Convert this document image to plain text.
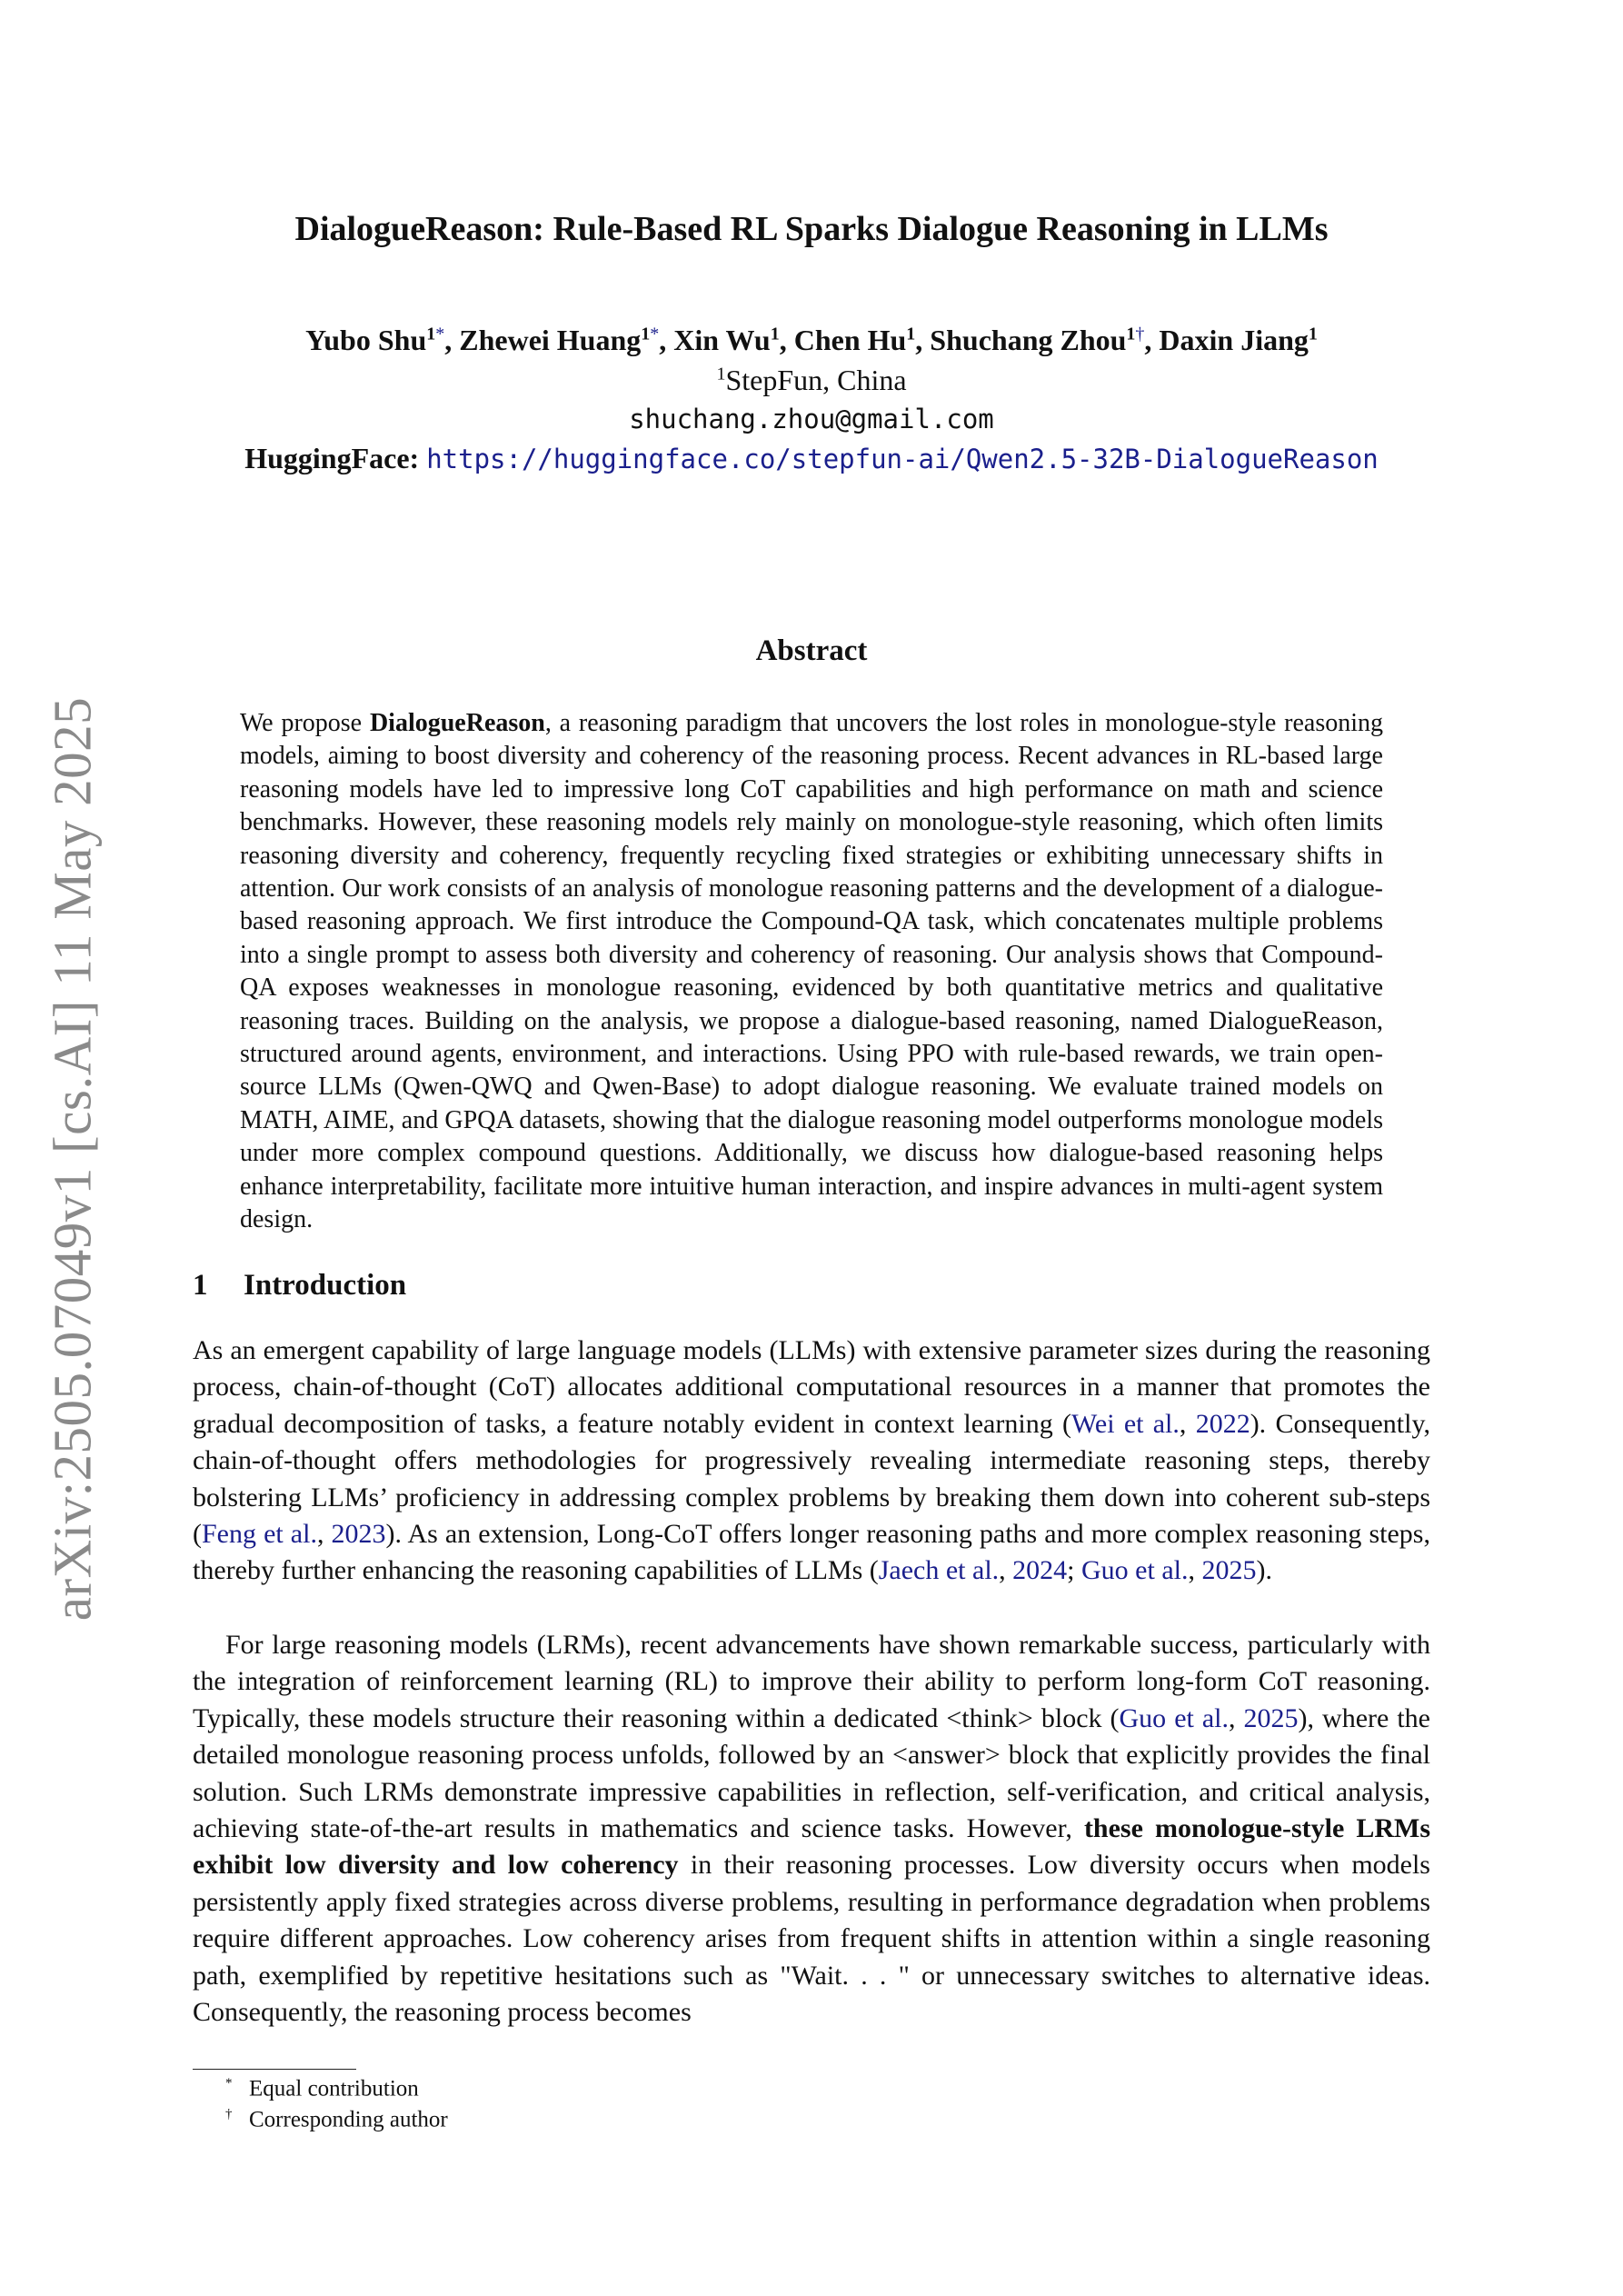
arXiv:2505.07049v1 [cs.AI] 11 May 2025
DialogueReason: Rule-Based RL Sparks Dialogue Reasoning in LLMs
Yubo Shu$^{1*}$, Zhewei Huang$^{1*}$, Xin Wu$^1$, Chen Hu$^1$, Shuchang Zhou$^{1\dagger}$, Daxin Jiang$^1$
$^1$StepFun, China
shuchang.zhou@gmail.com
HuggingFace: https://huggingface.co/stepfun-ai/Qwen2.5-32B-DialogueReason
Abstract
We propose DialogueReason, a reasoning paradigm that uncovers the lost roles in monologue-style reasoning models, aiming to boost diversity and coherency of the reasoning process. Recent advances in RL-based large reasoning models have led to impressive long CoT capabilities and high performance on math and science benchmarks. However, these reasoning models rely mainly on monologue-style reasoning, which often limits reasoning diversity and coherency, frequently recycling fixed strategies or exhibiting unnecessary shifts in attention. Our work consists of an analysis of monologue reasoning patterns and the development of a dialogue-based reasoning approach. We first introduce the Compound-QA task, which concatenates multiple problems into a single prompt to assess both diversity and coherency of reasoning. Our analysis shows that Compound-QA exposes weaknesses in monologue reasoning, evidenced by both quantitative metrics and qualitative reasoning traces. Building on the analysis, we propose a dialogue-based reasoning, named DialogueReason, structured around agents, environment, and interactions. Using PPO with rule-based rewards, we train open-source LLMs (Qwen-QWQ and Qwen-Base) to adopt dialogue reasoning. We evaluate trained models on MATH, AIME, and GPQA datasets, showing that the dialogue reasoning model outperforms monologue models under more complex compound questions. Additionally, we discuss how dialogue-based reasoning helps enhance interpretability, facilitate more intuitive human interaction, and inspire advances in multi-agent system design.
1 Introduction
As an emergent capability of large language models (LLMs) with extensive parameter sizes during the reasoning process, chain-of-thought (CoT) allocates additional computational resources in a manner that promotes the gradual decomposition of tasks, a feature notably evident in context learning (Wei et al., 2022). Consequently, chain-of-thought offers methodologies for progressively revealing intermediate reasoning steps, thereby bolstering LLMs’ proficiency in addressing complex problems by breaking them down into coherent sub-steps (Feng et al., 2023). As an extension, Long-CoT offers longer reasoning paths and more complex reasoning steps, thereby further enhancing the reasoning capabilities of LLMs (Jaech et al., 2024; Guo et al., 2025).
For large reasoning models (LRMs), recent advancements have shown remarkable success, particularly with the integration of reinforcement learning (RL) to improve their ability to perform long-form CoT reasoning. Typically, these models structure their reasoning within a dedicated <think> block (Guo et al., 2025), where the detailed monologue reasoning process unfolds, followed by an <answer> block that explicitly provides the final solution. Such LRMs demonstrate impressive capabilities in reflection, self-verification, and critical analysis, achieving state-of-the-art results in mathematics and science tasks. However, these monologue-style LRMs exhibit low diversity and low coherency in their reasoning processes. Low diversity occurs when models persistently apply fixed strategies across diverse problems, resulting in performance degradation when problems require different approaches. Low coherency arises from frequent shifts in attention within a single reasoning path, exemplified by repetitive hesitations such as "Wait. . . " or unnecessary switches to alternative ideas. Consequently, the reasoning process becomes
* Equal contribution
† Corresponding author
